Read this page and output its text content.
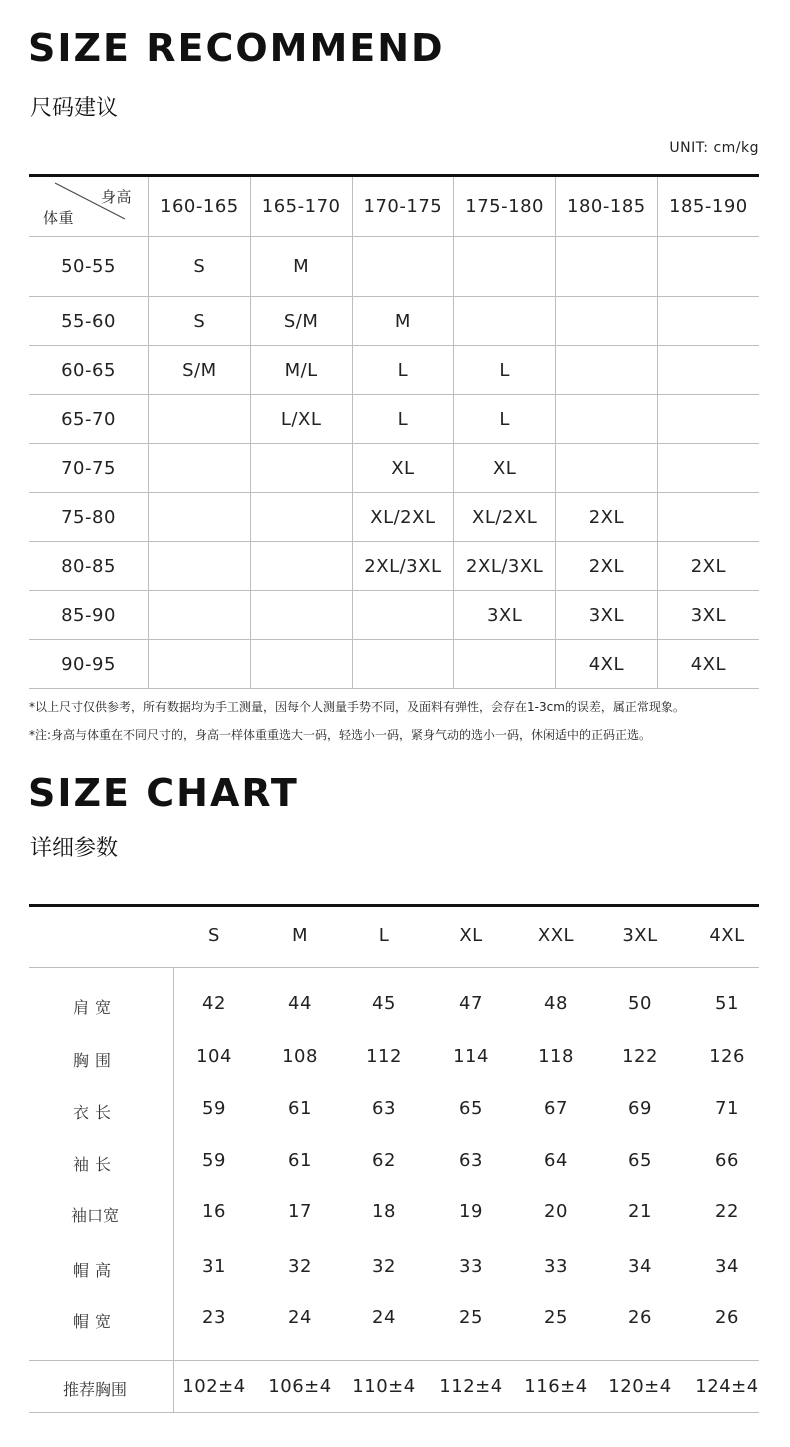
SIZE RECOMMEND
尺码建议
UNIT: cm/kg
身高
体重	160-165	165-170	170-175	175-180	180-185	185-190
50-55	S	M				
55-60	S	S/M	M			
60-65	S/M	M/L	L	L		
65-70		L/XL	L	L		
70-75			XL	XL		
75-80			XL/2XL	XL/2XL	2XL	
80-85			2XL/3XL	2XL/3XL	2XL	2XL
85-90				3XL	3XL	3XL
90-95					4XL	4XL
*以上尺寸仅供参考，所有数据均为手工测量，因每个人测量手势不同，及面料有弹性，会存在1-3cm的误差，属正常现象。
*注:身高与体重在不同尺寸的，身高一样体重重选大一码，轻选小一码，紧身气动的选小一码，休闲适中的正码正选。
SIZE CHART
详细参数
S	M	L	XL	XXL	3XL	4XL
肩宽	42	44	45	47	48	50	51
胸围	104	108	112	114	118	122	126
衣长	59	61	63	65	67	69	71
袖长	59	61	62	63	64	65	66
袖口宽	16	17	18	19	20	21	22
帽高	31	32	32	33	33	34	34
帽宽	23	24	24	25	25	26	26
推荐胸围	102±4 106±4 110±4 112±4 116±4 120±4 124±4
